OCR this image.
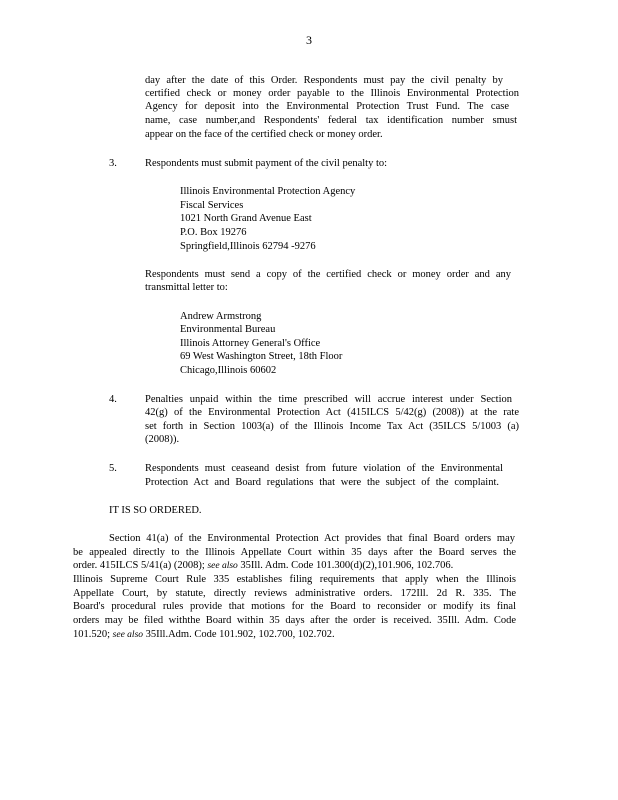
3
day after the date of this Order. Respondents must pay the civil penalty by
certified check or money order payable to the Illinois Environmental Protection
Agency for deposit into the Environmental Protection Trust Fund. The case
name, case number,and Respondents' federal tax identification number smust
appear on the face of the certified check or money order.
3.	Respondents must submit payment of the civil penalty to:
Illinois Environmental Protection Agency
Fiscal Services
1021 North Grand Avenue East
P.O. Box 19276
Springfield,Illinois 62794 -9276
Respondents must send a copy of the certified check or money order and any
transmittal letter to:
Andrew Armstrong
Environmental Bureau
Illinois Attorney General's Office
69 West Washington Street, 18th Floor
Chicago,Illinois 60602
4.	Penalties unpaid within the time prescribed will accrue interest under Section
42(g) of the Environmental Protection Act (415ILCS 5/42(g) (2008)) at the rate
set forth in Section 1003(a) of the Illinois Income Tax Act (35ILCS 5/1003 (a)
(2008)).
5.	Respondents must ceaseand desist from future violation of the Environmental
Protection Act and Board regulations that were the subject of the complaint.
IT IS SO ORDERED.
Section 41(a) of the Environmental Protection Act provides that final Board orders may
be appealed directly to the Illinois Appellate Court within 35 days after the Board serves the
order. 415ILCS 5/41(a) (2008); see also 35Ill. Adm. Code 101.300(d)(2),101.906, 102.706.
Illinois Supreme Court Rule 335 establishes filing requirements that apply when the Illinois
Appellate Court, by statute, directly reviews administrative orders. 172Ill. 2d R. 335. The
Board's procedural rules provide that motions for the Board to reconsider or modify its final
orders may be filed withthe Board within 35 days after the order is received. 35Ill. Adm. Code
101.520; see also 35Ill.Adm. Code 101.902, 102.700, 102.702.
